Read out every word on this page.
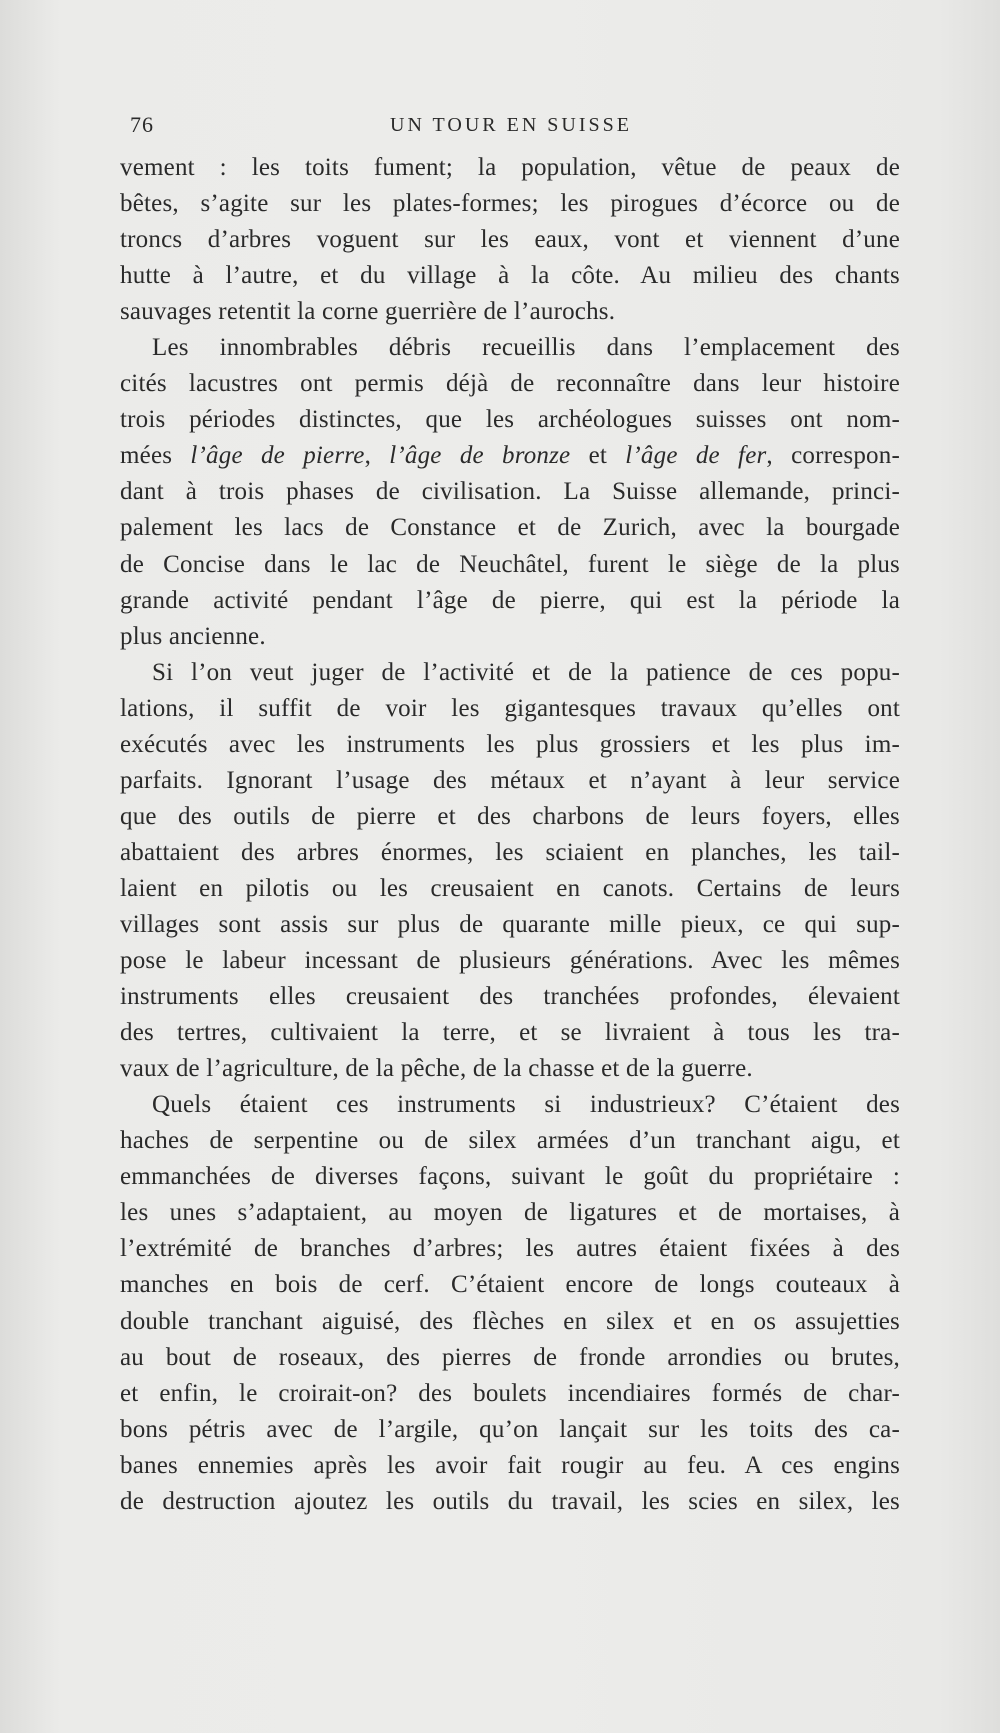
76	UN TOUR EN SUISSE
vement : les toits fument; la population, vêtue de peaux de
bêtes, s’agite sur les plates-formes; les pirogues d’écorce ou de
troncs d’arbres voguent sur les eaux, vont et viennent d’une
hutte à l’autre, et du village à la côte. Au milieu des chants
sauvages retentit la corne guerrière de l’aurochs.
Les innombrables débris recueillis dans l’emplacement des
cités lacustres ont permis déjà de reconnaître dans leur histoire
trois périodes distinctes, que les archéologues suisses ont nom-
mées l’âge de pierre, l’âge de bronze et l’âge de fer, correspon-
dant à trois phases de civilisation. La Suisse allemande, princi-
palement les lacs de Constance et de Zurich, avec la bourgade
de Concise dans le lac de Neuchâtel, furent le siège de la plus
grande activité pendant l’âge de pierre, qui est la période la
plus ancienne.
Si l’on veut juger de l’activité et de la patience de ces popu-
lations, il suffit de voir les gigantesques travaux qu’elles ont
exécutés avec les instruments les plus grossiers et les plus im-
parfaits. Ignorant l’usage des métaux et n’ayant à leur service
que des outils de pierre et des charbons de leurs foyers, elles
abattaient des arbres énormes, les sciaient en planches, les tail-
laient en pilotis ou les creusaient en canots. Certains de leurs
villages sont assis sur plus de quarante mille pieux, ce qui sup-
pose le labeur incessant de plusieurs générations. Avec les mêmes
instruments elles creusaient des tranchées profondes, élevaient
des tertres, cultivaient la terre, et se livraient à tous les tra-
vaux de l’agriculture, de la pêche, de la chasse et de la guerre.
Quels étaient ces instruments si industrieux? C’étaient des
haches de serpentine ou de silex armées d’un tranchant aigu, et
emmanchées de diverses façons, suivant le goût du propriétaire :
les unes s’adaptaient, au moyen de ligatures et de mortaises, à
l’extrémité de branches d’arbres; les autres étaient fixées à des
manches en bois de cerf. C’étaient encore de longs couteaux à
double tranchant aiguisé, des flèches en silex et en os assujetties
au bout de roseaux, des pierres de fronde arrondies ou brutes,
et enfin, le croirait-on? des boulets incendiaires formés de char-
bons pétris avec de l’argile, qu’on lançait sur les toits des ca-
banes ennemies après les avoir fait rougir au feu. A ces engins
de destruction ajoutez les outils du travail, les scies en silex, les
